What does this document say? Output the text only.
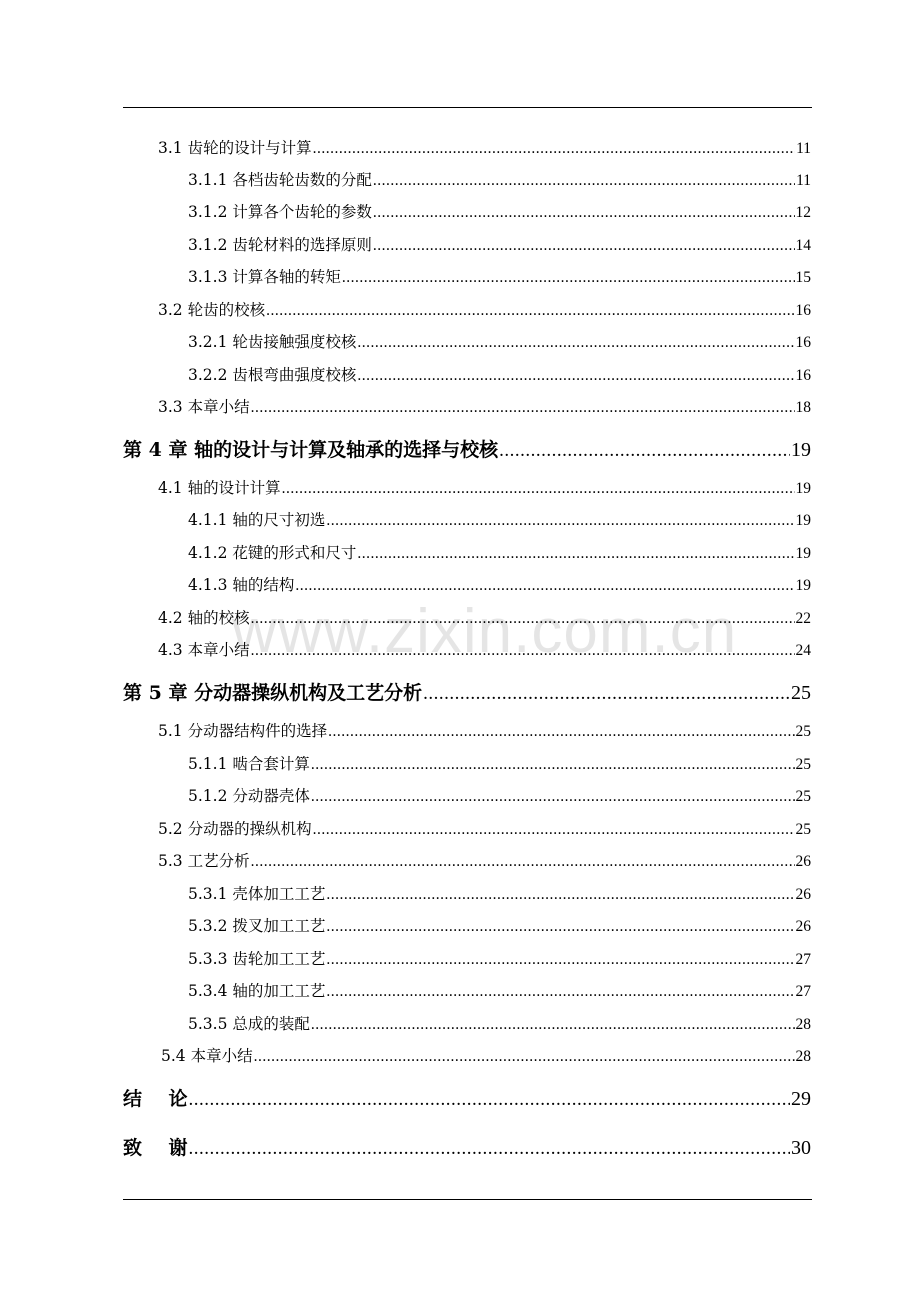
3.1 齿轮的设计与计算 .....	11
3.1.1 各档齿轮齿数的分配 .....	11
3.1.2 计算各个齿轮的参数 .....	12
3.1.2 齿轮材料的选择原则 .....	14
3.1.3 计算各轴的转矩 .....	15
3.2 轮齿的校核 .....	16
3.2.1 轮齿接触强度校核 .....	16
3.2.2 齿根弯曲强度校核 .....	16
3.3 本章小结 .....	18
第 4 章 轴的设计与计算及轴承的选择与校核 .....	19
4.1 轴的设计计算 .....	19
4.1.1 轴的尺寸初选 .....	19
4.1.2 花键的形式和尺寸 .....	19
4.1.3 轴的结构 .....	19
4.2 轴的校核 .....	22
4.3 本章小结 .....	24
第 5 章 分动器操纵机构及工艺分析 .....	25
5.1 分动器结构件的选择 .....	25
5.1.1 啮合套计算 .....	25
5.1.2 分动器壳体 .....	25
5.2 分动器的操纵机构 .....	25
5.3 工艺分析 .....	26
5.3.1 壳体加工工艺 .....	26
5.3.2 拨叉加工工艺 .....	26
5.3.3 齿轮加工工艺 .....	27
5.3.4 轴的加工工艺 .....	27
5.3.5 总成的装配 .....	28
5.4 本章小结 .....	28
结    论 .....	29
致    谢 .....	30
www.zixin.com.cn
